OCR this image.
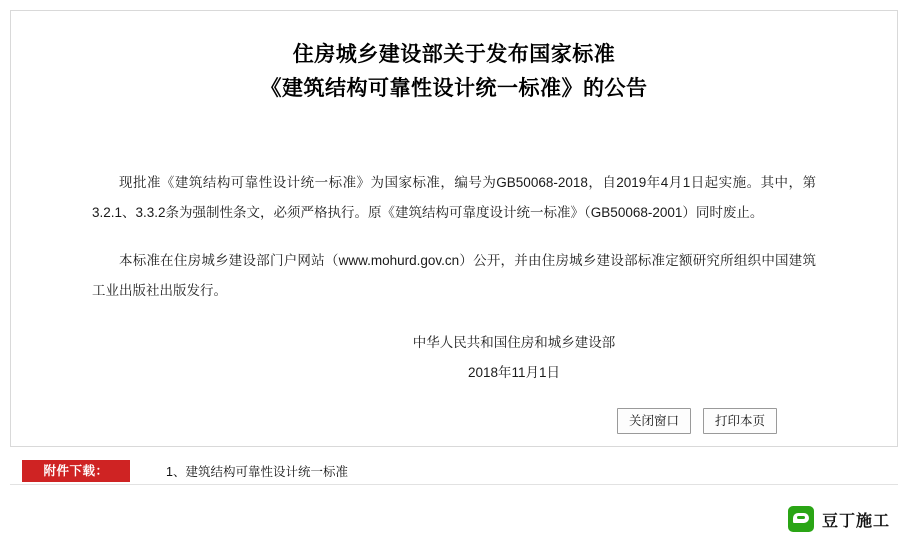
住房城乡建设部关于发布国家标准
《建筑结构可靠性设计统一标准》的公告

现批准《建筑结构可靠性设计统一标准》为国家标准，编号为GB50068-2018，自2019年4月1日起实施。其中，第3.2.1、3.3.2条为强制性条文，必须严格执行。原《建筑结构可靠度设计统一标准》（GB50068-2001）同时废止。

本标准在住房城乡建设部门户网站（www.mohurd.gov.cn）公开，并由住房城乡建设部标准定额研究所组织中国建筑工业出版社出版发行。

中华人民共和国住房和城乡建设部
2018年11月1日
关闭窗口	打印本页
附件下载：	1、建筑结构可靠性设计统一标准
豆丁施工
